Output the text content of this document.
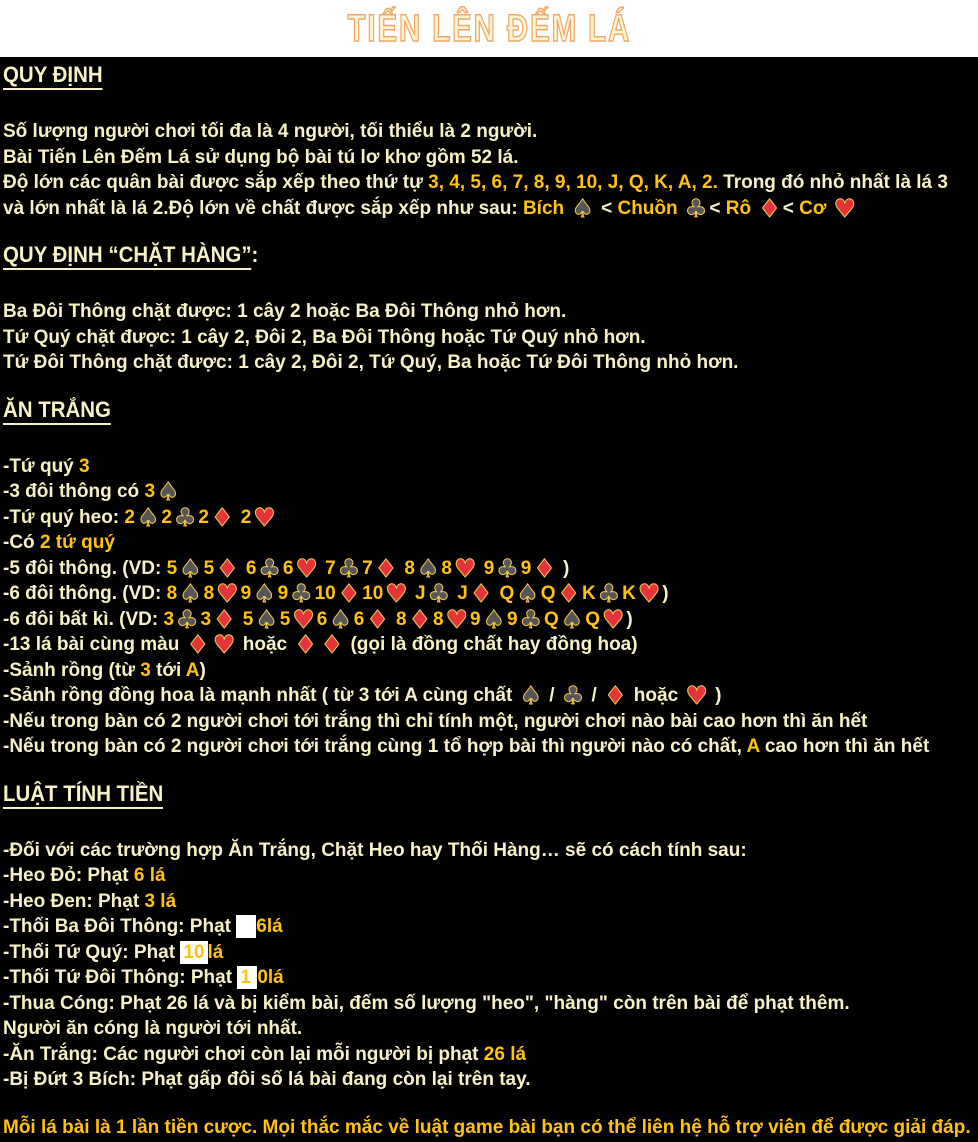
TIẾN LÊN ĐẾM LÁ
QUY ĐỊNH
Số lượng người chơi tối đa là 4 người, tối thiểu là 2 người.
Bài Tiến Lên Đếm Lá sử dụng bộ bài tú lơ khơ gồm 52 lá.
Độ lớn các quân bài được sắp xếp theo thứ tự 3, 4, 5, 6, 7, 8, 9, 10, J, Q, K, A, 2. Trong đó nhỏ nhất là lá 3
và lớn nhất là lá 2.Độ lớn về chất được sắp xếp như sau: Bích ♠ < Chuồn ♣ < Rô ♦ < Cơ ♥
QUY ĐỊNH “CHẶT HÀNG”:
Ba Đôi Thông chặt được: 1 cây 2 hoặc Ba Đôi Thông nhỏ hơn.
Tứ Quý chặt được: 1 cây 2, Đôi 2, Ba Đôi Thông hoặc Tứ Quý nhỏ hơn.
Tứ Đôi Thông chặt được: 1 cây 2, Đôi 2, Tứ Quý, Ba hoặc Tứ Đôi Thông nhỏ hơn.
ĂN TRẮNG
-Tứ quý 3
-3 đôi thông có 3♠
-Tứ quý heo: 2♠ 2♣ 2♦ 2♥
-Có 2 tứ quý
-5 đôi thông. (VD: 5♠ 5♦ 6♣ 6♥ 7♣ 7♦ 8♠ 8♥ 9♣ 9♦ )
-6 đôi thông. (VD: 8♠ 8♥ 9♠ 9♣ 10♦ 10♥ J♣ J♦ Q♠ Q♦ K♣ K♥ )
-6 đôi bất kì. (VD: 3♣ 3♦ 5♠ 5♥ 6♠ 6♦ 8♦ 8♥ 9♠ 9♣ Q♠ Q♥ )
-13 lá bài cùng màu ♦ ♥ hoặc ♦ ♦ (gọi là đồng chất hay đồng hoa)
-Sảnh rồng (từ 3 tới A)
-Sảnh rồng đồng hoa là mạnh nhất ( từ 3 tới A cùng chất ♠ / ♣ / ♦ hoặc ♥ )
-Nếu trong bàn có 2 người chơi tới trắng thì chỉ tính một, người chơi nào bài cao hơn thì ăn hết
-Nếu trong bàn có 2 người chơi tới trắng cùng 1 tổ hợp bài thì người nào có chất, A cao hơn thì ăn hết
LUẬT TÍNH TIỀN
-Đối với các trường hợp Ăn Trắng, Chặt Heo hay Thối Hàng… sẽ có cách tính sau:
-Heo Đỏ: Phạt 6 lá
-Heo Đen: Phạt 3 lá
-Thối Ba Đôi Thông: Phạt   6lá
-Thối Tứ Quý: Phạt 10 lá
-Thối Tứ Đôi Thông: Phạt 1 0lá
-Thua Cóng: Phạt 26 lá và bị kiểm bài, đếm số lượng "heo", "hàng" còn trên bài để phạt thêm.
Người ăn cóng là người tới nhất.
-Ăn Trắng: Các người chơi còn lại mỗi người bị phạt 26 lá
-Bị Đứt 3 Bích: Phạt gấp đôi số lá bài đang còn lại trên tay.
Mỗi lá bài là 1 lần tiền cược. Mọi thắc mắc về luật game bài bạn có thể liên hệ hỗ trợ viên để được giải đáp.
